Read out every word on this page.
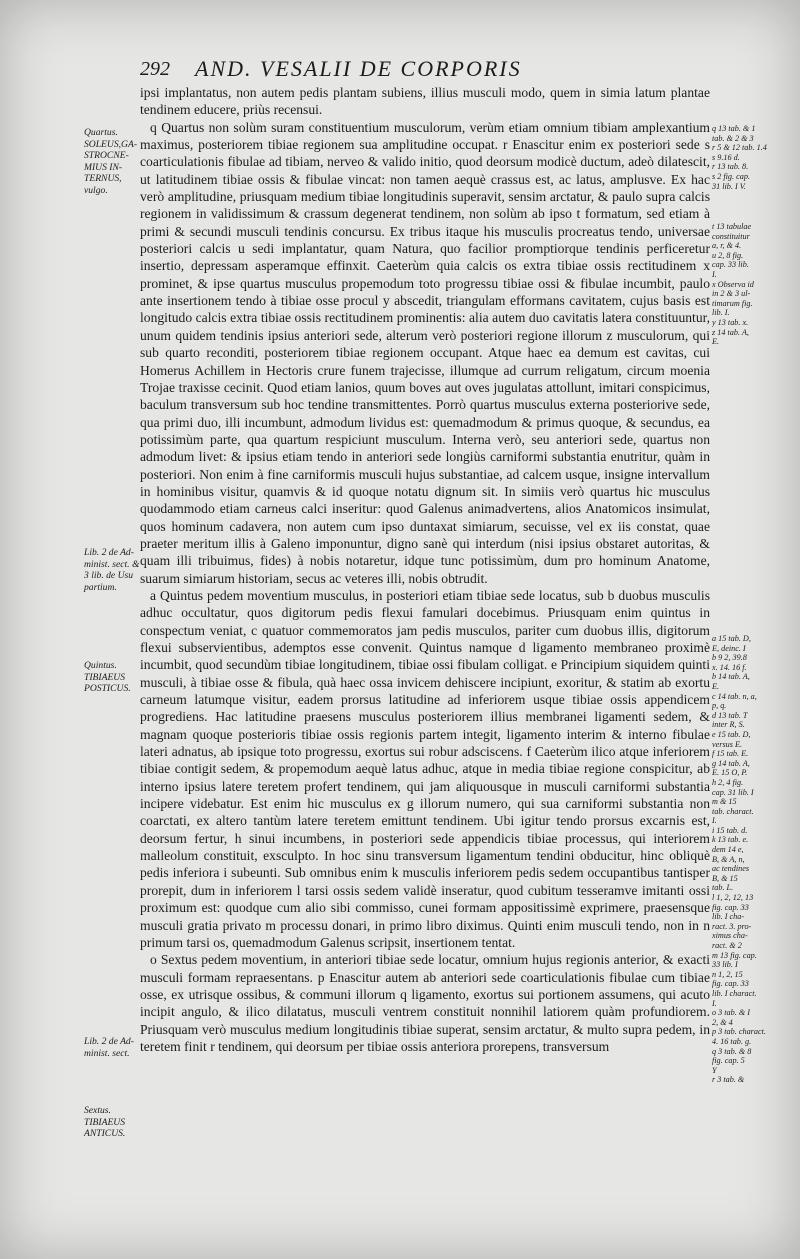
292 AND. VESALII DE CORPORIS
Quartus.
SOLEUS,GA-
STROCNE-
MIUS IN-
TERNUS,
vulgo.
Lib. 2 de Ad-
minist. sect. &
3 lib. de Usu
partium.
Quintus.
TIBIAEUS
POSTICUS.
Lib. 2 de Ad-
minist. sect.
Sextus.
TIBIAEUS
ANTICUS.

ipsi implantatus, non autem pedis plantam subiens, illius musculi modo, quem in simia latum plantae tendinem educere, priùs recensui.

q Quartus non solùm suram constituentium musculorum, verùm etiam omnium tibiam amplexantium maximus, posteriorem tibiae regionem sua amplitudine occupat. r Enascitur enim ex posteriori sede s coarticulationis fibulae ad tibiam, nerveo & valido initio, quod deorsum modicè ductum, adeò dilatescit, ut latitudinem tibiae ossis & fibulae vincat: non tamen aequè crassus est, ac latus, amplusve. Ex hac verò amplitudine, priusquam medium tibiae longitudinis superavit, sensim arctatur, & paulo supra calcis regionem in validissimum & crassum degenerat tendinem, non solùm ab ipso t formatum, sed etiam à primi & secundi musculi tendinis concursu. Ex tribus itaque his musculis procreatus tendo, universae posteriori calcis u sedi implantatur, quam Natura, quo facilior promptiorque tendinis perficeretur insertio, depressam asperamque effinxit. Caeterùm quia calcis os extra tibiae ossis rectitudinem x prominet, & ipse quartus musculus propemodum toto progressu tibiae ossi & fibulae incumbit, paulo ante insertionem tendo à tibiae osse procul y abscedit, triangulam efformans cavitatem, cujus basis est longitudo calcis extra tibiae ossis rectitudinem prominentis: alia autem duo cavitatis latera constituuntur, unum quidem tendinis ipsius anteriori sede, alterum verò posteriori regione illorum z musculorum, qui sub quarto reconditi, posteriorem tibiae regionem occupant. Atque haec ea demum est cavitas, cui Homerus Achillem in Hectoris crure funem trajecisse, illumque ad currum religatum, circum moenia Trojae traxisse cecinit. Quod etiam lanios, quum boves aut oves jugulatas attollunt, imitari conspicimus, baculum transversum sub hoc tendine transmittentes. Porrò quartus musculus externa posteriorive sede, qua primi duo, illi incumbunt, admodum lividus est: quemadmodum & primus quoque, & secundus, ea potissimùm parte, qua quartum respiciunt musculum. Interna verò, seu anteriori sede, quartus non admodum livet: & ipsius etiam tendo in anteriori sede longiùs carniformi substantia enutritur, quàm in posteriori. Non enim à fine carniformis musculi hujus substantiae, ad calcem usque, insigne intervallum in hominibus visitur, quamvis & id quoque notatu dignum sit. In simiis verò quartus hic musculus quodammodo etiam carneus calci inseritur: quod Galenus animadvertens, alios Anatomicos insimulat, quos hominum cadavera, non autem cum ipso duntaxat simiarum, secuisse, vel ex iis constat, quae praeter meritum illis à Galeno imponuntur, digno sanè qui interdum (nisi ipsius obstaret autoritas, & quam illi tribuimus, fides) à nobis notaretur, idque tunc potissimùm, dum pro hominum Anatome, suarum simiarum historiam, secus ac veteres illi, nobis obtrudit.

a Quintus pedem moventium musculus, in posteriori etiam tibiae sede locatus, sub b duobus musculis adhuc occultatur, quos digitorum pedis flexui famulari docebimus. Priusquam enim quintus in conspectum veniat, c quatuor commemoratos jam pedis musculos, pariter cum duobus illis, digitorum flexui subservientibus, ademptos esse convenit. Quintus namque d ligamento membraneo proximè incumbit, quod secundùm tibiae longitudinem, tibiae ossi fibulam colligat. e Principium siquidem quinti musculi, à tibiae osse & fibula, quà haec ossa invicem dehiscere incipiunt, exoritur, & statim ab exortu carneum latumque visitur, eadem prorsus latitudine ad inferiorem usque tibiae ossis appendicem progrediens. Hac latitudine praesens musculus posteriorem illius membranei ligamenti sedem, & magnam quoque posterioris tibiae ossis regionis partem integit, ligamento interim & interno fibulae lateri adnatus, ab ipsique toto progressu, exortus sui robur adsciscens. f Caeterùm ilico atque inferiorem tibiae contigit sedem, & propemodum aequè latus adhuc, atque in media tibiae regione conspicitur, ab interno ipsius latere teretem profert tendinem, qui jam aliquousque in musculi carniformi substantia incipere videbatur. Est enim hic musculus ex g illorum numero, qui sua carniformi substantia non coarctati, ex altero tantùm latere teretem emittunt tendinem. Ubi igitur tendo prorsus excarnis est, deorsum fertur, h sinui incumbens, in posteriori sede appendicis tibiae processus, qui interiorem malleolum constituit, exsculpto. In hoc sinu transversum ligamentum tendini obducitur, hinc obliquè pedis inferiora i subeunti. Sub omnibus enim k musculis inferiorem pedis sedem occupantibus tantisper prorepit, dum in inferiorem l tarsi ossis sedem validè inseratur, quod cubitum tesseramve imitanti ossi proximum est: quodque cum alio sibi commisso, cunei formam appositissimè exprimere, praesensque musculi gratia privato m processu donari, in primo libro diximus. Quinti enim musculi tendo, non in n primum tarsi os, quemadmodum Galenus scripsit, insertionem tentat.

o Sextus pedem moventium, in anteriori tibiae sede locatur, omnium hujus regionis anterior, & exacti musculi formam repraesentans. p Enascitur autem ab anteriori sede coarticulationis fibulae cum tibiae osse, ex utrisque ossibus, & communi illorum q ligamento, exortus sui portionem assumens, qui acuto incipit angulo, & ilico dilatatus, musculi ventrem constituit nonnihil latiorem quàm profundiorem. Priusquam verò musculus medium longitudinis tibiae superat, sensim arctatur, & multo supra pedem, in teretem finit r tendinem, qui deorsum per tibiae ossis anteriora prorepens, transversum

q 13 tab. & 1
tab. & 2 & 3
r 5 & 12 tab. 1.4
s 9.16 d.
r 13 tab. 8.
s 2 fig. cap.
31 lib. I V.
t 13 tabulae
constituitur
a, r, & 4.
u 2, 8 fig.
cap. 33 lib.
I.
x Observa id
in 2 & 3 ul-
timarum fig.
lib. I.
y 13 tab. x.
z 14 tab. A,
E.
a 15 tab. D,
E, deinc. I
b 9 2, 39.8
x. 14. 16 f.
b 14 tab. A,
E.
c 14 tab. n, a,
p, q.
d 13 tab. T
inter R, S.
e 15 tab. D,
versus E.
f 15 tab. E.
g 14 tab. A,
E. 15 O, P.
h 2, 4 fig.
cap. 31 lib. I
m & 15
tab. charact.
I.
i 15 tab. d.
k 13 tab. e.
dem 14 e,
B, & A, n,
ac tendines
B, & 15
tab. L.
l 1, 2, 12, 13
fig. cap. 33
lib. I cha-
ract. 3. pro-
ximus cha-
ract. & 2
m 13 fig. cap.
33 lib. I
n 1, 2, 15
fig. cap. 33
lib. I charact.
I.
o 3 tab. & I
2, & 4
p 3 tab. charact.
4. 16 tab. g.
q 3 tab. & 8
fig. cap. 5
Y
r 3 tab. &
